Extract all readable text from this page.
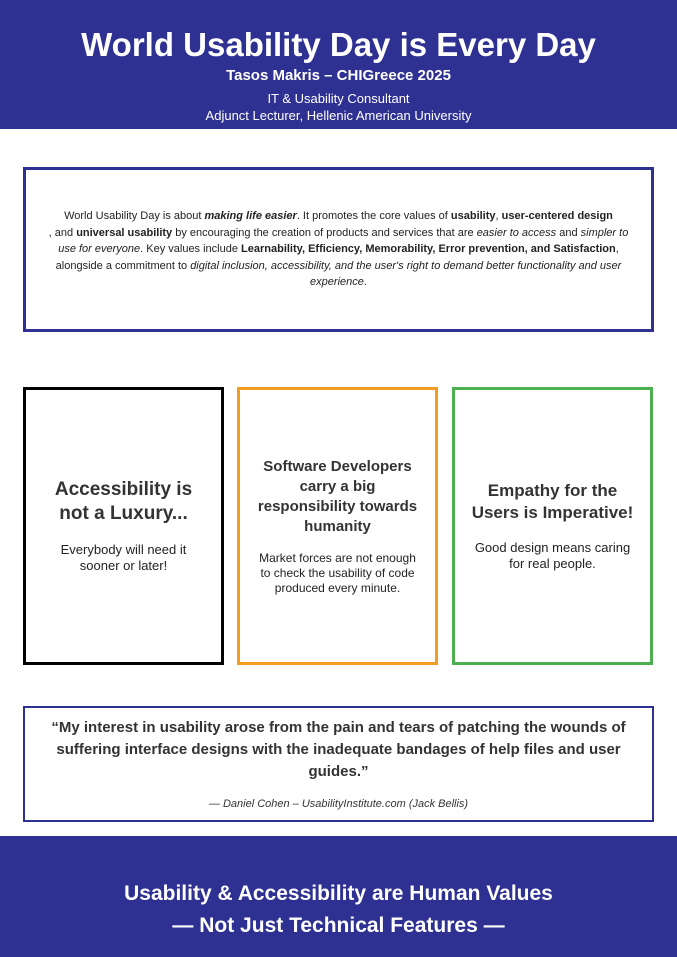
World Usability Day is Every Day
Tasos Makris – CHIGreece 2025
IT & Usability Consultant
Adjunct Lecturer, Hellenic American University

World Usability Day is about making life easier. It promotes the core values of usability, user-centered design
, and universal usability by encouraging the creation of products and services that are easier to access and simpler to use for everyone. Key values include Learnability, Efficiency, Memorability, Error prevention, and Satisfaction, alongside a commitment to digital inclusion, accessibility, and the user's right to demand better functionality and user experience.

Accessibility is not a Luxury...
Everybody will need it sooner or later!
Software Developers carry a big responsibility towards humanity
Market forces are not enough to check the usability of code produced every minute.
Empathy for the Users is Imperative!
Good design means caring for real people.
“My interest in usability arose from the pain and tears of patching the wounds of suffering interface designs with the inadequate bandages of help files and user guides.”
— Daniel Cohen – UsabilityInstitute.com (Jack Bellis)
Usability & Accessibility are Human Values
— Not Just Technical Features —
